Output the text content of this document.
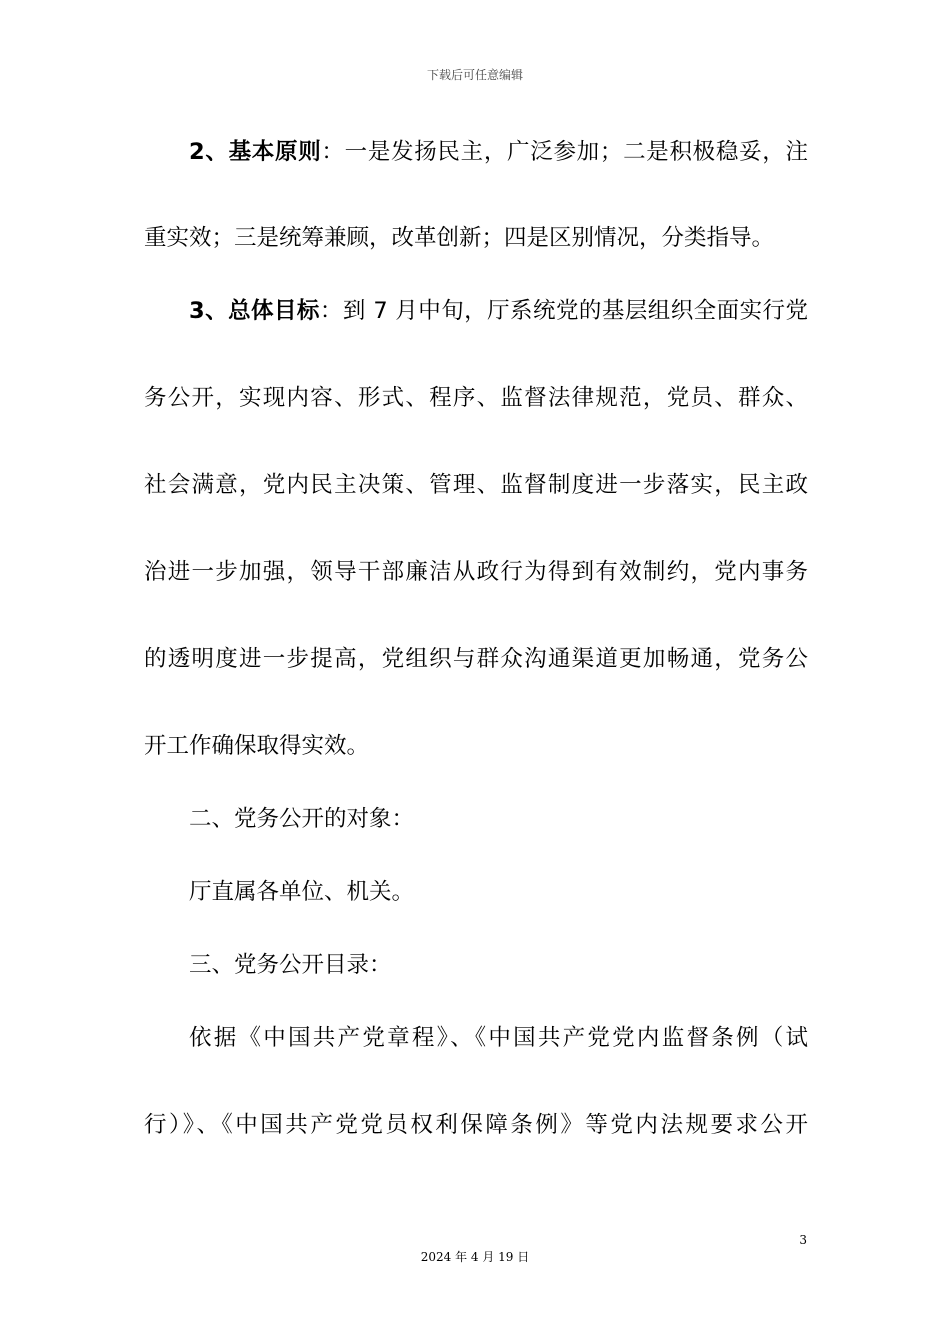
下载后可任意编辑
2、基本原则：一是发扬民主，广泛参加；二是积极稳妥，注
重实效；三是统筹兼顾，改革创新；四是区别情况，分类指导。
3、总体目标：到 7 月中旬，厅系统党的基层组织全面实行党
务公开，实现内容、形式、程序、监督法律规范，党员、群众、
社会满意，党内民主决策、管理、监督制度进一步落实，民主政
治进一步加强，领导干部廉洁从政行为得到有效制约，党内事务
的透明度进一步提高，党组织与群众沟通渠道更加畅通，党务公
开工作确保取得实效。
二、党务公开的对象：
厅直属各单位、机关。
三、党务公开目录：
依据《中国共产党章程》、《中国共产党党内监督条例（试
行）》、《中国共产党党员权利保障条例》等党内法规要求公开
3
2024 年 4 月 19 日
